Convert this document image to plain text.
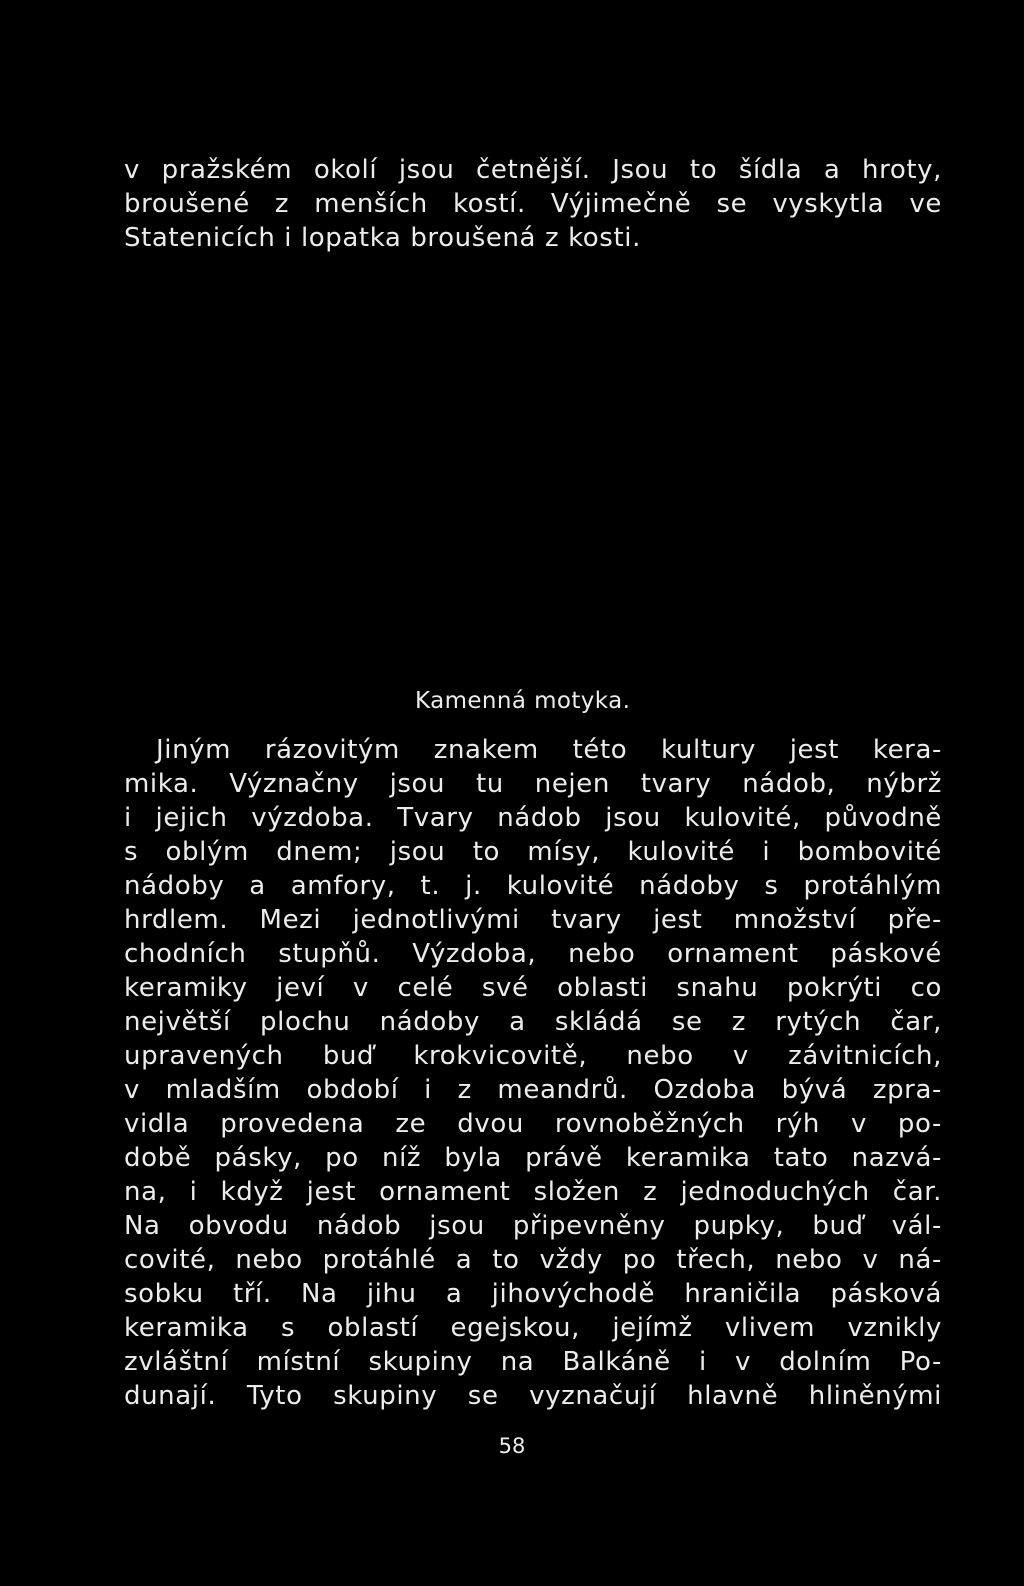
v pražském okolí jsou četnější. Jsou to šídla a hroty,
broušené z menších kostí. Výjimečně se vyskytla ve
Statenicích i lopatka broušená z kosti.
Kamenná motyka.
Jiným rázovitým znakem této kultury jest kera-
mika. Význačny jsou tu nejen tvary nádob, nýbrž
i jejich výzdoba. Tvary nádob jsou kulovité, původně
s oblým dnem; jsou to mísy, kulovité i bombovité
nádoby a amfory, t. j. kulovité nádoby s protáhlým
hrdlem. Mezi jednotlivými tvary jest množství pře-
chodních stupňů. Výzdoba, nebo ornament páskové
keramiky jeví v celé své oblasti snahu pokrýti co
největší plochu nádoby a skládá se z rytých čar,
upravených buď krokvicovitě, nebo v závitnicích,
v mladším období i z meandrů. Ozdoba bývá zpra-
vidla provedena ze dvou rovnoběžných rýh v po-
době pásky, po níž byla právě keramika tato nazvá-
na, i když jest ornament složen z jednoduchých čar.
Na obvodu nádob jsou připevněny pupky, buď vál-
covité, nebo protáhlé a to vždy po třech, nebo v ná-
sobku tří. Na jihu a jihovýchodě hraničila pásková
keramika s oblastí egejskou, jejímž vlivem vznikly
zvláštní místní skupiny na Balkáně i v dolním Po-
dunají. Tyto skupiny se vyznačují hlavně hliněnými
58
